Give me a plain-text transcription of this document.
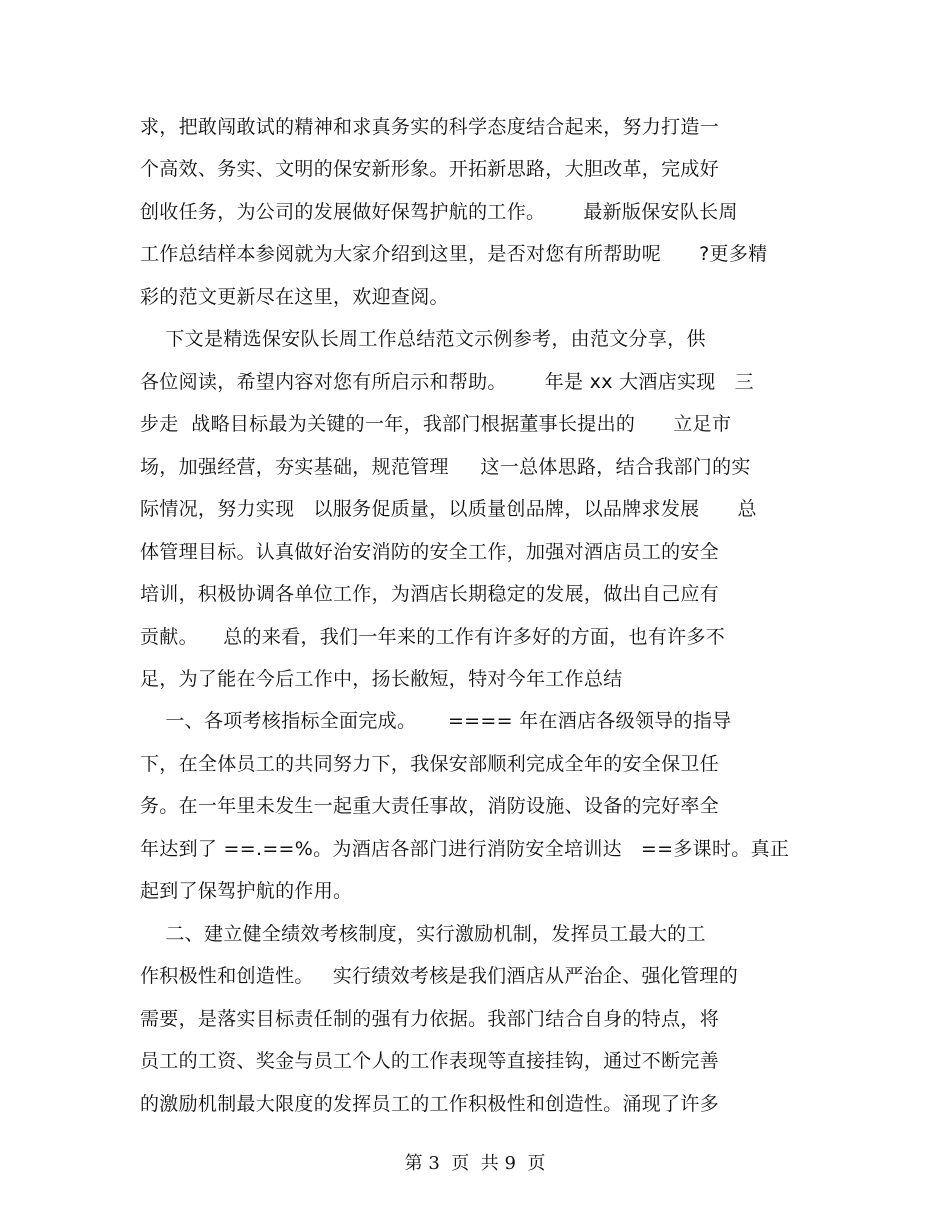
求，把敢闯敢试的精神和求真务实的科学态度结合起来，努力打造一
个高效、务实、文明的保安新形象。开拓新思路，大胆改革，完成好
创收任务，为公司的发展做好保驾护航的工作。      最新版保安队长周
工作总结样本参阅就为大家介绍到这里，是否对您有所帮助呢      ?更多精
彩的范文更新尽在这里，欢迎查阅。
下文是精选保安队长周工作总结范文示例参考，由范文分享，供
各位阅读，希望内容对您有所启示和帮助。      年是 xx 大酒店实现   三
步走  战略目标最为关键的一年，我部门根据董事长提出的      立足市
场，加强经营，夯实基础，规范管理     这一总体思路，结合我部门的实
际情况，努力实现   以服务促质量，以质量创品牌，以品牌求发展      总
体管理目标。认真做好治安消防的安全工作，加强对酒店员工的安全
培训，积极协调各单位工作，为酒店长期稳定的发展，做出自己应有
贡献。    总的来看，我们一年来的工作有许多好的方面，也有许多不
足，为了能在今后工作中，扬长敝短，特对今年工作总结
一、各项考核指标全面完成。     ==== 年在酒店各级领导的指导
下，在全体员工的共同努力下，我保安部顺利完成全年的安全保卫任
务。在一年里未发生一起重大责任事故，消防设施、设备的完好率全
年达到了 ==.==%。为酒店各部门进行消防安全培训达   ==多课时。真正
起到了保驾护航的作用。
二、建立健全绩效考核制度，实行激励机制，发挥员工最大的工
作积极性和创造性。   实行绩效考核是我们酒店从严治企、强化管理的
需要，是落实目标责任制的强有力依据。我部门结合自身的特点，将
员工的工资、奖金与员工个人的工作表现等直接挂钩，通过不断完善
的激励机制最大限度的发挥员工的工作积极性和创造性。涌现了许多
第 3  页  共 9  页
